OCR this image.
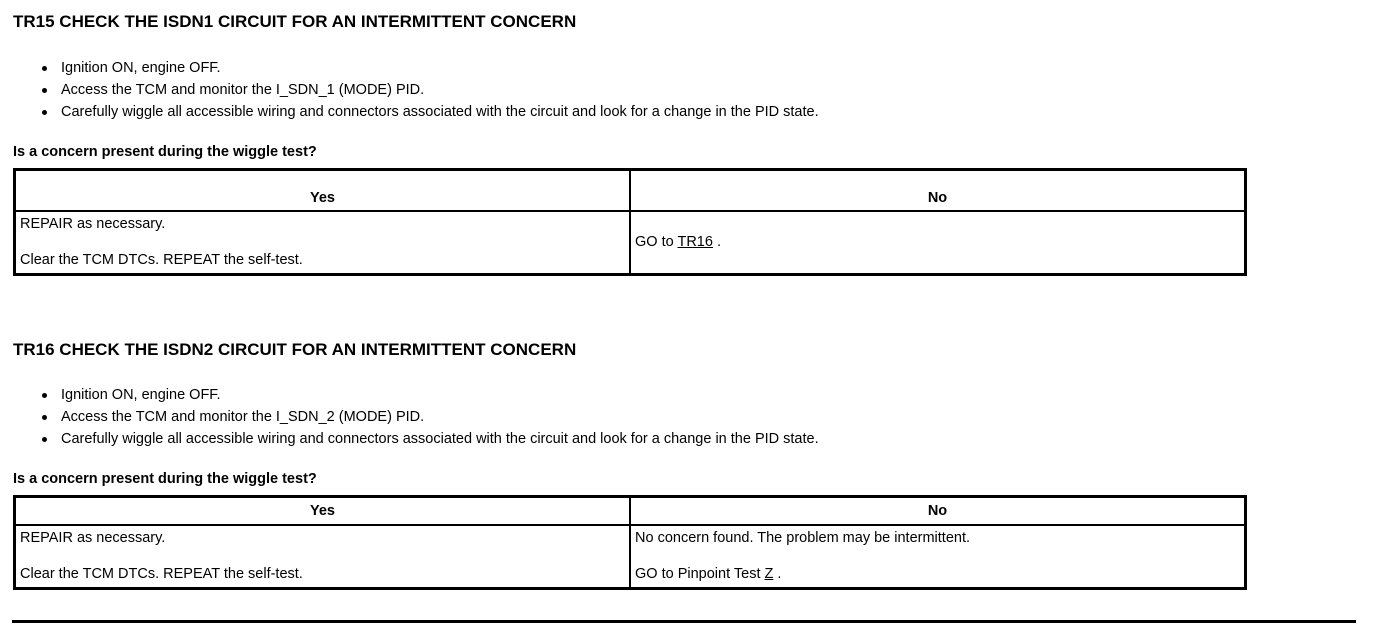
TR15 CHECK THE ISDN1 CIRCUIT FOR AN INTERMITTENT CONCERN
Ignition ON, engine OFF.
Access the TCM and monitor the I_SDN_1 (MODE) PID.
Carefully wiggle all accessible wiring and connectors associated with the circuit and look for a change in the PID state.
Is a concern present during the wiggle test?
Yes	No

REPAIR as necessary.
Clear the TCM DTCs. REPEAT the self-test.	GO to TR16 .
TR16 CHECK THE ISDN2 CIRCUIT FOR AN INTERMITTENT CONCERN
Ignition ON, engine OFF.
Access the TCM and monitor the I_SDN_2 (MODE) PID.
Carefully wiggle all accessible wiring and connectors associated with the circuit and look for a change in the PID state.
Is a concern present during the wiggle test?
Yes	No

REPAIR as necessary.
Clear the TCM DTCs. REPEAT the self-test.	No concern found. The problem may be intermittent.
GO to Pinpoint Test Z .
